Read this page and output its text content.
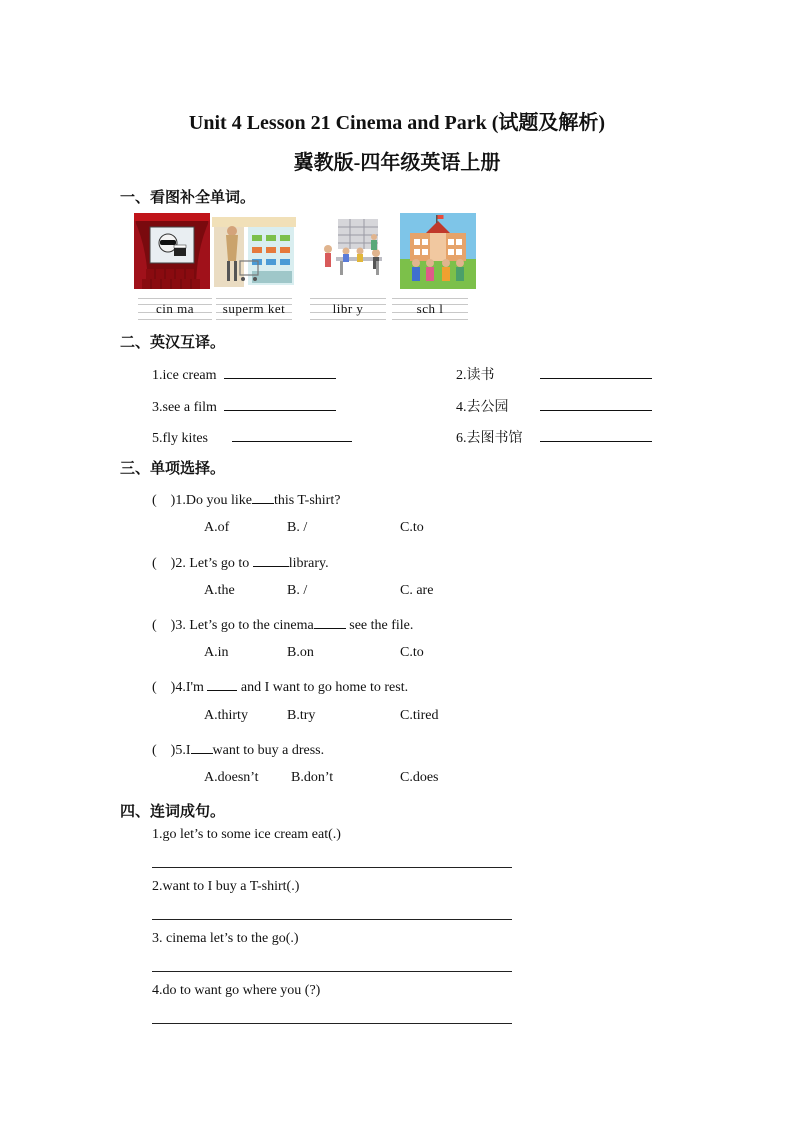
Unit 4 Lesson 21 Cinema and Park (试题及解析)
冀教版-四年级英语上册
一、看图补全单词。
cin ma	superm ket	libr y	sch l
二、英汉互译。
1.ice cream	2.读书
3.see a film	4.去公园
5.fly kites	6.去图书馆
三、单项选择。
(    )1.Do you like this T-shirt?
A.of	B. /	C.to
(    )2. Let’s go to	library.
A.the	B. /	C. are
(    )3. Let’s go to the cinema see the file.
A.in	B.on	C.to
(    )4.I'm  and I want to go home to rest.
A.thirty	B.try	C.tired
(    )5.I want to buy a dress.
A.doesn’t B.don’t	C.does
四、连词成句。
1.go let’s to some ice cream eat(.)
2.want to I buy a T-shirt(.)
3. cinema let’s to the go(.)
4.do to want go where you (?)
